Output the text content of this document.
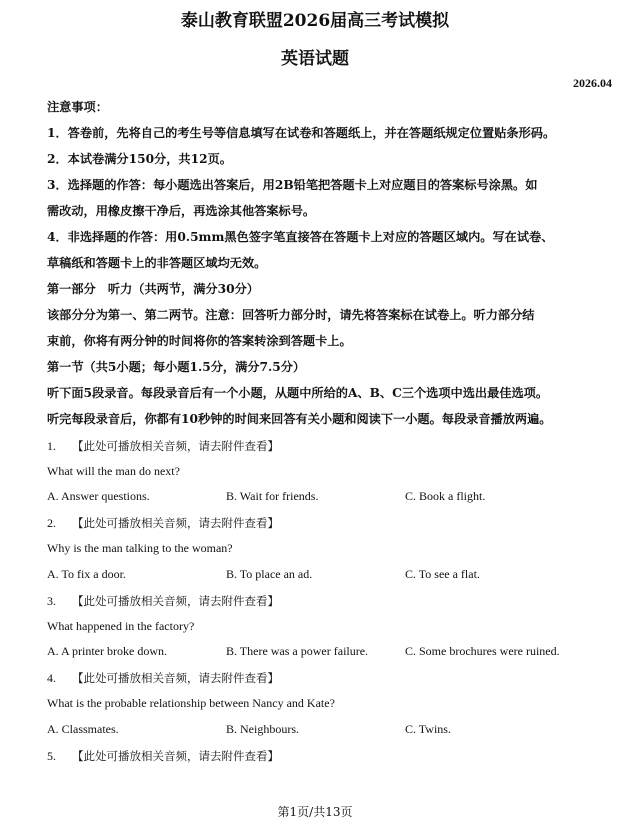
泰山教育联盟2026届高三考试模拟
英语试题
2026.04
注意事项：
1．答卷前，先将自己的考生号等信息填写在试卷和答题纸上，并在答题纸规定位置贴条形码。
2．本试卷满分150分，共12页。
3．选择题的作答：每小题选出答案后，用2B铅笔把答题卡上对应题目的答案标号涂黑。如
需改动，用橡皮擦干净后，再选涂其他答案标号。
4．非选择题的作答：用0.5mm黑色签字笔直接答在答题卡上对应的答题区域内。写在试卷、
草稿纸和答题卡上的非答题区域均无效。
第一部分　听力（共两节，满分30分）
该部分分为第一、第二两节。注意：回答听力部分时，请先将答案标在试卷上。听力部分结
束前，你将有两分钟的时间将你的答案转涂到答题卡上。
第一节（共5小题；每小题1.5分，满分7.5分）
听下面5段录音。每段录音后有一个小题，从题中所给的A、B、C三个选项中选出最佳选项。
听完每段录音后，你都有10秒钟的时间来回答有关小题和阅读下一小题。每段录音播放两遍。
1. 【此处可播放相关音频，请去附件查看】
What will the man do next?
A. Answer questions.	B. Wait for friends.	C. Book a flight.
2. 【此处可播放相关音频，请去附件查看】
Why is the man talking to the woman?
A. To fix a door.	B. To place an ad.	C. To see a flat.
3. 【此处可播放相关音频，请去附件查看】
What happened in the factory?
A. A printer broke down.	B. There was a power failure.	C. Some brochures were ruined.
4. 【此处可播放相关音频，请去附件查看】
What is the probable relationship between Nancy and Kate?
A. Classmates.	B. Neighbours.	C. Twins.
5. 【此处可播放相关音频，请去附件查看】
第1页/共13页
